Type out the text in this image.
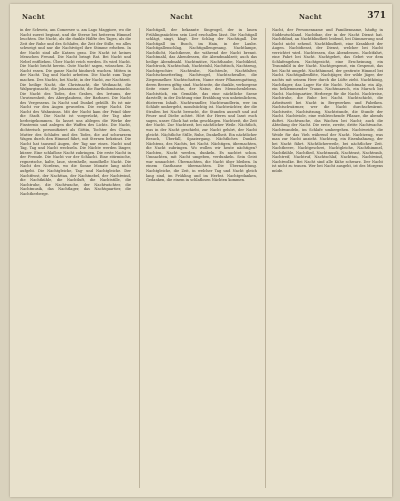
Nacht	Nacht	Nacht	371

in der Schweiz, am Comersee u. am Lago Maggiore, wo die Nacht zuerst beginnt, und die Sterne bei heiterem Himmel leuchten. Die Nacht, als die dunkle Hälfte des Tages, als die Zeit der Ruhe und des Schlafes, die Zeit der Stille, wo alles schweigt und nur die Nachtvögel ihre Stimme erheben. In der Nacht sind alle Katzen grau. Die Nacht ist keines Menschen Freund. Die Nacht bringt Rat. Bei Nacht und Nebel entfliehen. Über Nacht reich werden. Es wird Nacht. Die Nacht bricht herein. Gute Nacht! sagen, wünschen. Zu Nacht essen. Die ganze Nacht hindurch wachen. Mitten in der Nacht. Tag und Nacht arbeiten. Die Nacht zum Tage machen. Des Nachts, bei Nacht, in der Nacht, zur Nachtzeit. Die heilige Nacht, die Christnacht, die Weihnacht, die Walpurgisnacht, die Johannisnacht, die Bartholomäusnacht. Die Nacht des Todes, des Grabes, des Irrtums, der Unwissenheit, des Aberglaubens, der Barbarei. Die Nacht des Vergessens. In Nacht und Dunkel gehüllt. Es ist mir Nacht vor den Augen geworden. Die ewige Nacht. Die Nacht des Wahnsinns. Mit der Nacht kam der Feind über die Stadt. Die Nacht ist vorgerückt, der Tag aber herbeigekommen. So lasset uns ablegen die Werke der Finsternis und anlegen die Waffen des Lichts. Die Nacht, dichterisch personifiziert als Göttin, Tochter des Chaos, Mutter des Schlafes und des Todes, die auf schwarzem Wagen durch den Himmel fährt, mit Sternen bekränzt. Die Nacht hat tausend Augen, der Tag nur eines. Nacht und Tag, Tag und Nacht wechseln. Die Nächte werden länger, kürzer. Eine schlaflose Nacht zubringen. Die erste Nacht in der Fremde. Die Nacht vor der Schlacht. Eine stürmische, regnerische, kalte, laue, sternhelle, mondhelle Nacht. Die Nacht des Nordens, wo die Sonne Monate lang nicht aufgeht. Die Nachtgleiche, Tag- und Nachtgleiche. Der Nachtfrost, der Nachttau, der Nachtnebel, der Nachtwind, die Nachtkühle, die Nachtluft, die Nachtstille, die Nachtruhe, die Nachtwache, der Nachtwächter, die Nachtmusik, das Nachtlager, das Nachtquartier, die Nachtherberge.

Nachtigall, der bekannte Singvogel, der in lauen Frühlingsnächten sein Lied erschallen lässt. Die Nachtigall schlägt, singt, klagt. Der Schlag der Nachtigall. Die Nachtigall im Busch, im Hain, in der Laube. Nachtigallenschlag, Nachtigallengesang. Nachtlampe, Nachtlicht, Nachtkerze, die während der Nacht brennt. Nachtmahl, das Abendessen, die Abendmahlzeit; auch das heilige Abendmahl. Nachtmütze, Nachthaube, Nachtkleid, Nachtrock, Nachtschuh, Nachtstuhl, Nachttisch, Nachtzeug, Nachtgeschirr. Nachtrabe, Nachteule, Nachtfalter, Nachtschmetterling, Nachtvogel, Nachtschwalbe, die Ziegenmelker. Nachtschatten, Name einer Pflanzengattung, deren Beeren giftig sind. Nachtseite, die dunkle, verborgene Seite einer Sache, der Natur, des Menschenlebens. Nachtstück, ein Gemälde, das eine nächtliche Szene darstellt; in der Dichtung eine Erzählung von unheimlichem, düsterem Inhalt. Nachtwandler, Nachtwandlerin, wer im Schlafe umhergeht, mondsüchtig ist. Nachtwächter, der die Straßen bei Nacht bewacht, die Stunden ausruft und auf Feuer und Diebe achtet. Hört ihr Herrn und lasst euch sagen, unsre Glock hat zehn geschlagen. Nachtzeit, die Zeit der Nacht. Zur Nachtzeit, bei nächtlicher Weile. Nächtlich, was in der Nacht geschieht, zur Nacht gehört, der Nacht gleicht. Nächtliche Stille, Ruhe, Dunkelheit. Ein nächtlicher Besuch, Überfall, Spaziergang. Nächtliches Dunkel. Nächtens, des Nachts, bei Nacht. Nächtigen, übernachten, die Nacht zubringen. Wo wollen wir heute nächtigen? Nachten, Nacht werden, dunkeln. Es nachtet schon. Umnachten, mit Nacht umgeben, verdunkeln. Sein Geist war umnachtet. Übernachten, die Nacht über bleiben. In einem Gasthause übernachten. Die Übernachtung. Nachtgleiche, die Zeit, in welcher Tag und Nacht gleich lang sind, im Frühling und im Herbst. Nachtgedanken, Gedanken, die einem in schlaflosen Nächten kommen.

Nacht, der Personenname und Familienname, häufig in Süddeutschland. Nachtbar, der in der Nacht Dienst hat. Nachtblind, an Nachtblindheit leidend, bei Dämmerung und Nacht nicht sehend. Nachtblindheit, eine Krankheit der Augen. Nachtdienst, der Dienst, welcher bei Nacht verrichtet wird. Nachtessen, das Abendessen. Nachtfahrt, eine Fahrt bei Nacht. Nachtgebet, das Gebet vor dem Schlafengehen. Nachtgesicht, eine Erscheinung, ein Traumbild in der Nacht. Nachtgespenst, ein Gespenst, das bei Nacht umgeht. Nachthimmel, der gestirnte Himmel bei Nacht. Nachtigallenflöte, Nachtjäger, der wilde Jäger, der nachts mit seinem Heer durch die Lüfte zieht. Nachtkönig, Nachtlager, das Lager für die Nacht. Nachtmahr, ein Alp, ein beklemmender Traum. Nachtmarsch, ein Marsch bei Nacht. Nachtquartier, Herberge für die Nacht. Nachtreise, Nachtruhe, die Ruhe bei Nacht. Nachtschicht, die Arbeitszeit bei Nacht in Bergwerken und Fabriken. Nachtschwärmer, wer die Nacht durchschwärmt. Nachtseite, Nachtsitzung, Nachtstunde, die Stunde der Nacht. Nachtviole, eine wohlriechende Pflanze, die abends duftet. Nachtwache, das Wachen bei Nacht; auch die Abteilung der Nacht. Die erste, zweite, dritte Nachtwache. Nachtwandeln, im Schlafe umhergehen. Nachtweide, die Weide für das Vieh während der Nacht. Nachtzeug, was man zur Nacht anzieht. Nachtzug, ein Eisenbahnzug, der bei Nacht fährt. Nächtlicherweile, bei nächtlicher Zeit. Nachtbeere, Nachtgeschrei, Nachtgleiche, Nachthimmel, Nachtkühle, Nachtlied, Nachtmusik, Nachtrast, Nachtraub, Nachtreif, Nachtruf, Nachtschlaf, Nachttau, Nachtwind, Nachtwolke. Bei Nacht sind alle Kühe schwarz. Der Nacht ist nicht zu trauen. Wer bei Nacht ausgeht, ist des Morgens müde.
